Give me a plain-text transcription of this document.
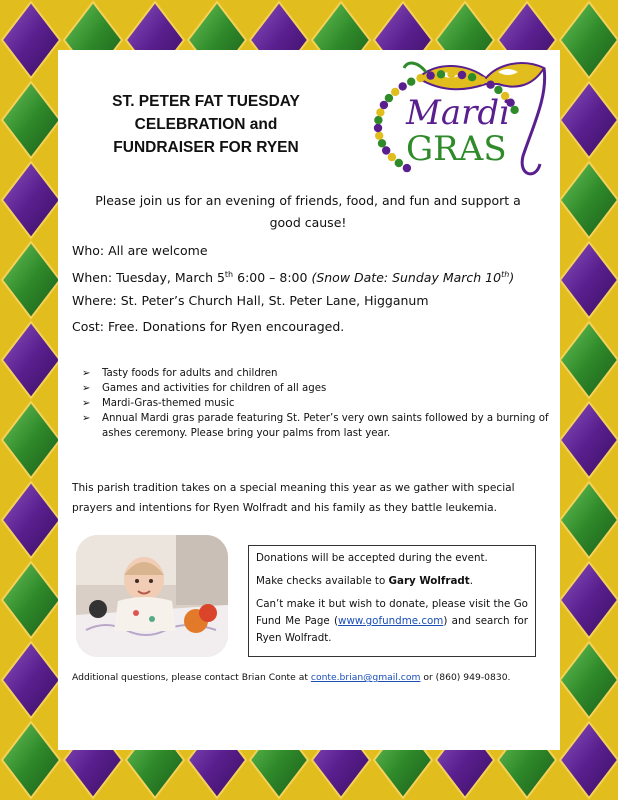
ST. PETER FAT TUESDAY
CELEBRATION and
FUNDRAISER FOR RYEN
Mardi
GRAS
Please join us for an evening of friends, food, and fun and support a good cause!
Who: All are welcome
When: Tuesday, March 5th 6:00 – 8:00 (Snow Date: Sunday March 10th)
Where: St. Peter’s Church Hall, St. Peter Lane, Higganum
Cost: Free. Donations for Ryen encouraged.
➢ Tasty foods for adults and children
➢ Games and activities for children of all ages
➢ Mardi-Gras-themed music
➢ Annual Mardi gras parade featuring St. Peter’s very own saints followed by a burning of ashes ceremony. Please bring your palms from last year.
This parish tradition takes on a special meaning this year as we gather with special prayers and intentions for Ryen Wolfradt and his family as they battle leukemia.

Donations will be accepted during the event.

Make checks available to Gary Wolfradt.

Can’t make it but wish to donate, please visit the Go Fund Me Page (www.gofundme.com) and search for Ryen Wolfradt.

Additional questions, please contact Brian Conte at conte.brian@gmail.com or (860) 949-0830.
